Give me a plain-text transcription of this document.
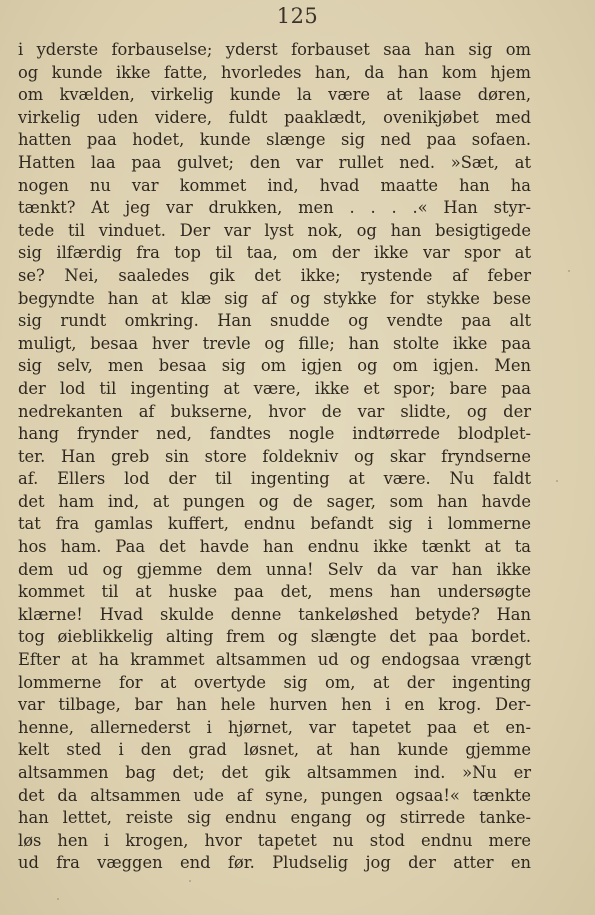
125
i yderste forbauselse; yderst forbauset saa han sig om
og kunde ikke fatte, hvorledes han, da han kom hjem
om kvælden, virkelig kunde la være at laase døren,
virkelig uden videre, fuldt paaklædt, ovenikjøbet med
hatten paa hodet, kunde slænge sig ned paa sofaen.
Hatten laa paa gulvet; den var rullet ned. »Sæt, at
nogen nu var kommet ind, hvad maatte han ha
tænkt? At jeg var drukken, men . . . .« Han styr-
tede til vinduet. Der var lyst nok, og han besigtigede
sig ilfærdig fra top til taa, om der ikke var spor at
se? Nei, saaledes gik det ikke; rystende af feber
begyndte han at klæ sig af og stykke for stykke bese
sig rundt omkring. Han snudde og vendte paa alt
muligt, besaa hver trevle og fille; han stolte ikke paa
sig selv, men besaa sig om igjen og om igjen. Men
der lod til ingenting at være, ikke et spor; bare paa
nedrekanten af bukserne, hvor de var slidte, og der
hang frynder ned, fandtes nogle indtørrede blodplet-
ter. Han greb sin store foldekniv og skar fryndserne
af. Ellers lod der til ingenting at være. Nu faldt
det ham ind, at pungen og de sager, som han havde
tat fra gamlas kuffert, endnu befandt sig i lommerne
hos ham. Paa det havde han endnu ikke tænkt at ta
dem ud og gjemme dem unna! Selv da var han ikke
kommet til at huske paa det, mens han undersøgte
klærne! Hvad skulde denne tankeløshed betyde? Han
tog øieblikkelig alting frem og slængte det paa bordet.
Efter at ha krammet altsammen ud og endogsaa vrængt
lommerne for at overtyde sig om, at der ingenting
var tilbage, bar han hele hurven hen i en krog. Der-
henne, allernederst i hjørnet, var tapetet paa et en-
kelt sted i den grad løsnet, at han kunde gjemme
altsammen bag det; det gik altsammen ind. »Nu er
det da altsammen ude af syne, pungen ogsaa!« tænkte
han lettet, reiste sig endnu engang og stirrede tanke-
løs hen i krogen, hvor tapetet nu stod endnu mere
ud fra væggen end før. Pludselig jog der atter en
